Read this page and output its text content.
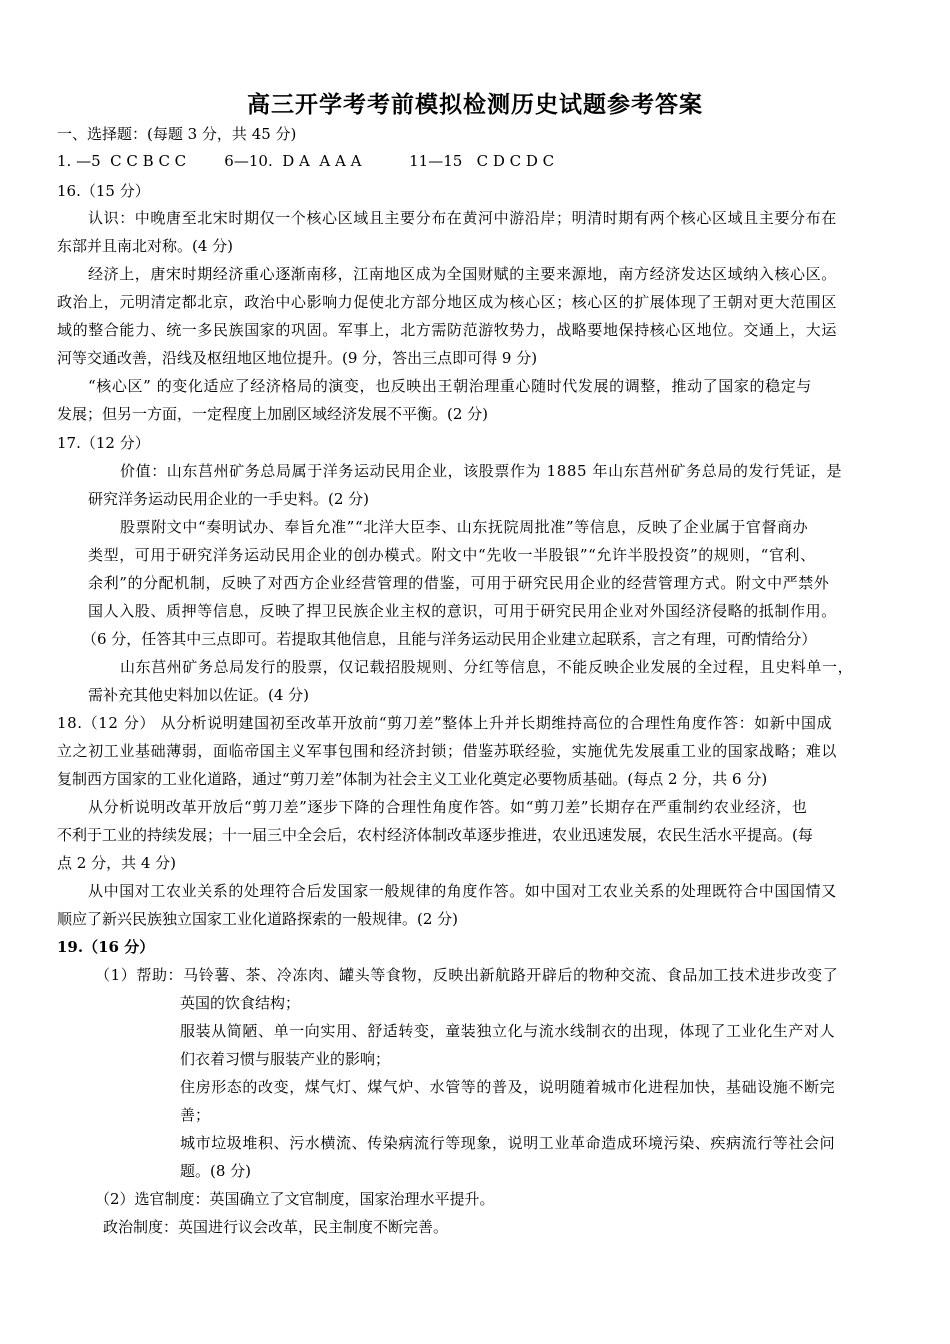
高三开学考考前模拟检测历史试题参考答案
一、选择题：(每题 3 分，共 45 分)
1. —5  C C B C C        6—10.  D A  A A A          11—15   C D C D C
16.（15 分）
认识：中晚唐至北宋时期仅一个核心区域且主要分布在黄河中游沿岸；明清时期有两个核心区域且主要分布在
东部并且南北对称。(4 分)
经济上，唐宋时期经济重心逐渐南移，江南地区成为全国财赋的主要来源地，南方经济发达区域纳入核心区。
政治上，元明清定都北京，政治中心影响力促使北方部分地区成为核心区；核心区的扩展体现了王朝对更大范围区
域的整合能力、统一多民族国家的巩固。军事上，北方需防范游牧势力，战略要地保持核心区地位。交通上，大运
河等交通改善，沿线及枢纽地区地位提升。(9 分，答出三点即可得 9 分)
“核心区” 的变化适应了经济格局的演变，也反映出王朝治理重心随时代发展的调整，推动了国家的稳定与
发展；但另一方面，一定程度上加剧区域经济发展不平衡。(2 分)
17.（12 分）
价值：山东莒州矿务总局属于洋务运动民用企业，该股票作为 1885 年山东莒州矿务总局的发行凭证，是
研究洋务运动民用企业的一手史料。(2 分)
股票附文中“奏明试办、奉旨允准”“北洋大臣李、山东抚院周批准”等信息，反映了企业属于官督商办
类型，可用于研究洋务运动民用企业的创办模式。附文中“先收一半股银”“允许半股投资”的规则，“官利、
余利”的分配机制，反映了对西方企业经营管理的借鉴，可用于研究民用企业的经营管理方式。附文中严禁外
国人入股、质押等信息，反映了捍卫民族企业主权的意识，可用于研究民用企业对外国经济侵略的抵制作用。
（6 分，任答其中三点即可。若提取其他信息，且能与洋务运动民用企业建立起联系，言之有理，可酌情给分）
山东莒州矿务总局发行的股票，仅记载招股规则、分红等信息，不能反映企业发展的全过程，且史料单一，
需补充其他史料加以佐证。(4 分)
18.（12 分） 从分析说明建国初至改革开放前“剪刀差”整体上升并长期维持高位的合理性角度作答：如新中国成
立之初工业基础薄弱，面临帝国主义军事包围和经济封锁；借鉴苏联经验，实施优先发展重工业的国家战略；难以
复制西方国家的工业化道路，通过“剪刀差”体制为社会主义工业化奠定必要物质基础。(每点 2 分，共 6 分)
从分析说明改革开放后“剪刀差”逐步下降的合理性角度作答。如“剪刀差”长期存在严重制约农业经济，也
不利于工业的持续发展；十一届三中全会后，农村经济体制改革逐步推进，农业迅速发展，农民生活水平提高。(每
点 2 分，共 4 分)
从中国对工农业关系的处理符合后发国家一般规律的角度作答。如中国对工农业关系的处理既符合中国国情又
顺应了新兴民族独立国家工业化道路探索的一般规律。(2 分)
19.（16 分）
（1）帮助：马铃薯、茶、冷冻肉、罐头等食物，反映出新航路开辟后的物种交流、食品加工技术进步改变了
英国的饮食结构；
服装从简陋、单一向实用、舒适转变，童装独立化与流水线制衣的出现，体现了工业化生产对人
们衣着习惯与服装产业的影响；
住房形态的改变，煤气灯、煤气炉、水管等的普及，说明随着城市化进程加快，基础设施不断完
善；
城市垃圾堆积、污水横流、传染病流行等现象，说明工业革命造成环境污染、疾病流行等社会问
题。(8 分)
（2）选官制度：英国确立了文官制度，国家治理水平提升。
政治制度：英国进行议会改革，民主制度不断完善。
